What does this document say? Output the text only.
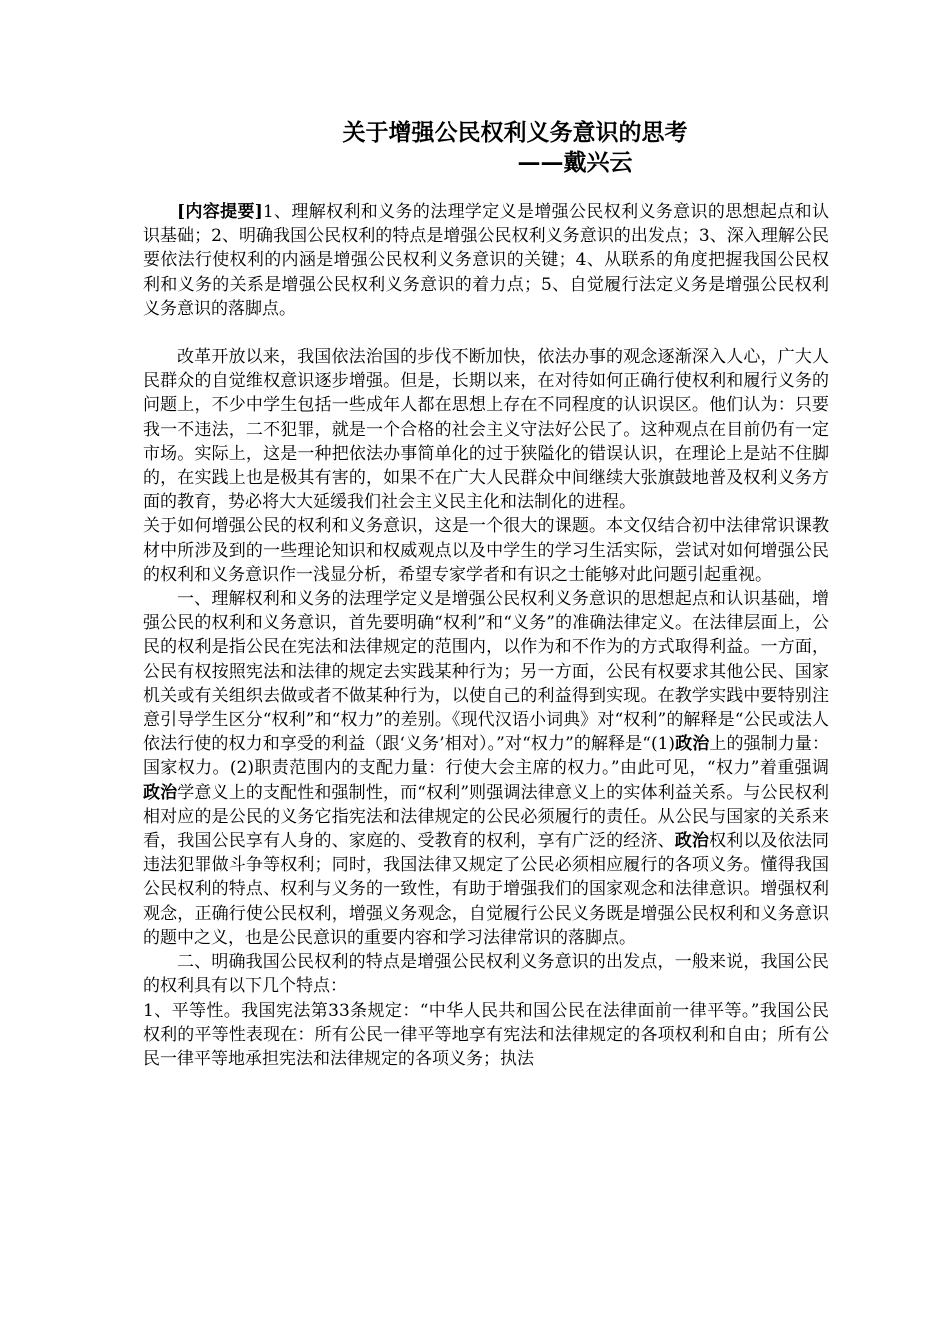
关于增强公民权利义务意识的思考

——戴兴云

[内容提要]1、理解权利和义务的法理学定义是增强公民权利义务意识的思想起点和认识基础；2、明确我国公民权利的特点是增强公民权利义务意识的出发点；3、深入理解公民要依法行使权利的内涵是增强公民权利义务意识的关键；4、从联系的角度把握我国公民权利和义务的关系是增强公民权利义务意识的着力点；5、自觉履行法定义务是增强公民权利义务意识的落脚点。

改革开放以来，我国依法治国的步伐不断加快，依法办事的观念逐渐深入人心，广大人民群众的自觉维权意识逐步增强。但是，长期以来，在对待如何正确行使权利和履行义务的问题上，不少中学生包括一些成年人都在思想上存在不同程度的认识误区。他们认为：只要我一不违法，二不犯罪，就是一个合格的社会主义守法好公民了。这种观点在目前仍有一定市场。实际上，这是一种把依法办事简单化的过于狭隘化的错误认识，在理论上是站不住脚的，在实践上也是极其有害的，如果不在广大人民群众中间继续大张旗鼓地普及权利义务方面的教育，势必将大大延缓我们社会主义民主化和法制化的进程。

关于如何增强公民的权利和义务意识，这是一个很大的课题。本文仅结合初中法律常识课教材中所涉及到的一些理论知识和权威观点以及中学生的学习生活实际，尝试对如何增强公民的权利和义务意识作一浅显分析，希望专家学者和有识之士能够对此问题引起重视。

一、理解权利和义务的法理学定义是增强公民权利义务意识的思想起点和认识基础，增强公民的权利和义务意识，首先要明确“权利”和“义务”的准确法律定义。在法律层面上，公民的权利是指公民在宪法和法律规定的范围内，以作为和不作为的方式取得利益。一方面，公民有权按照宪法和法律的规定去实践某种行为；另一方面，公民有权要求其他公民、国家机关或有关组织去做或者不做某种行为，以使自己的利益得到实现。在教学实践中要特别注意引导学生区分“权利”和“权力”的差别。《现代汉语小词典》对“权利”的解释是“公民或法人依法行使的权力和享受的利益（跟‘义务’相对）。”对“权力”的解释是“(1)政治上的强制力量：国家权力。(2)职责范围内的支配力量：行使大会主席的权力。”由此可见，“权力”着重强调政治学意义上的支配性和强制性，而“权利”则强调法律意义上的实体利益关系。与公民权利相对应的是公民的义务它指宪法和法律规定的公民必须履行的责任。从公民与国家的关系来看，我国公民享有人身的、家庭的、受教育的权利，享有广泛的经济、政治权利以及依法同违法犯罪做斗争等权利；同时，我国法律又规定了公民必须相应履行的各项义务。懂得我国公民权利的特点、权利与义务的一致性，有助于增强我们的国家观念和法律意识。增强权利观念，正确行使公民权利，增强义务观念，自觉履行公民义务既是增强公民权利和义务意识的题中之义，也是公民意识的重要内容和学习法律常识的落脚点。

二、明确我国公民权利的特点是增强公民权利义务意识的出发点，一般来说，我国公民的权利具有以下几个特点：

1、平等性。我国宪法第33条规定：“中华人民共和国公民在法律面前一律平等。”我国公民权利的平等性表现在：所有公民一律平等地享有宪法和法律规定的各项权利和自由；所有公民一律平等地承担宪法和法律规定的各项义务；执法
